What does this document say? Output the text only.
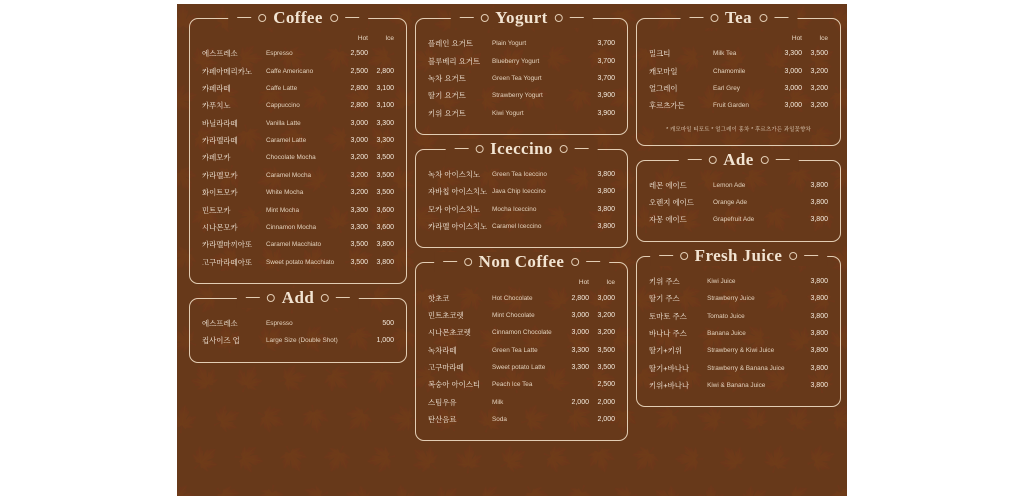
Coffee
		Hot	Ice
에스프레소	Espresso	2,500	
카페아메리카노	Caffe Americano	2,500	2,800
카페라떼	Caffe Latte	2,800	3,100
카푸치노	Cappuccino	2,800	3,100
바닐라라떼	Vanilla Latte	3,000	3,300
카라멜라떼	Caramel Latte	3,000	3,300
카페모카	Chocolate Mocha	3,200	3,500
카라멜모카	Caramel Mocha	3,200	3,500
화이트모카	White Mocha	3,200	3,500
민트모카	Mint Mocha	3,300	3,600
시나몬모카	Cinnamon Mocha	3,300	3,600
카라멜마끼아또	Caramel Macchiato	3,500	3,800
고구마라떼아또	Sweet potato Macchiato	3,500	3,800
Add
에스프레소	Espresso		500
컵사이즈 업	Large Size (Double Shot)		1,000
Yogurt
플레인 요거트	Plain Yogurt		3,700
블루베리 요거트	Blueberry Yogurt		3,700
녹차 요거트	Green Tea Yogurt		3,700
딸기 요거트	Strawberry Yogurt		3,900
키위 요거트	Kiwi Yogurt		3,900
Iceccino
녹차 아이스치노	Green Tea Iceccino		3,800
자바칩 아이스치노	Java Chip Iceccino		3,800
모카 아이스치노	Mocha Iceccino		3,800
카라멜 아이스치노	Caramel Iceccino		3,800
Non Coffee
		Hot	Ice
핫초코	Hot Chocolate	2,800	3,000
민트초코렛	Mint Chocolate	3,000	3,200
시나몬초코렛	Cinnamon Chocolate	3,000	3,200
녹차라떼	Green Tea Latte	3,300	3,500
고구마라떼	Sweet potato Latte	3,300	3,500
복숭아 아이스티	Peach Ice Tea		2,500
스팀우유	Milk	2,000	2,000
탄산음료	Soda		2,000
Tea
		Hot	Ice
밀크티	Milk Tea	3,300	3,500
캐모마일	Chamomile	3,000	3,200
얼그레이	Earl Grey	3,000	3,200
후르츠가든	Fruit Garden	3,000	3,200
* 캐모마일 티포트 * 얼그레이 홍차 * 후르츠가든 과일꽃향차
Ade
레몬 에이드	Lemon Ade		3,800
오렌지 에이드	Orange Ade		3,800
자몽 에이드	Grapefruit Ade		3,800
Fresh Juice
키위 주스	Kiwi Juice		3,800
딸기 주스	Strawberry Juice		3,800
토마토 주스	Tomato Juice		3,800
바나나 주스	Banana Juice		3,800
딸기+키위	Strawberry & Kiwi Juice		3,800
딸기+바나나	Strawberry & Banana Juice		3,800
키위+바나나	Kiwi & Banana Juice		3,800
